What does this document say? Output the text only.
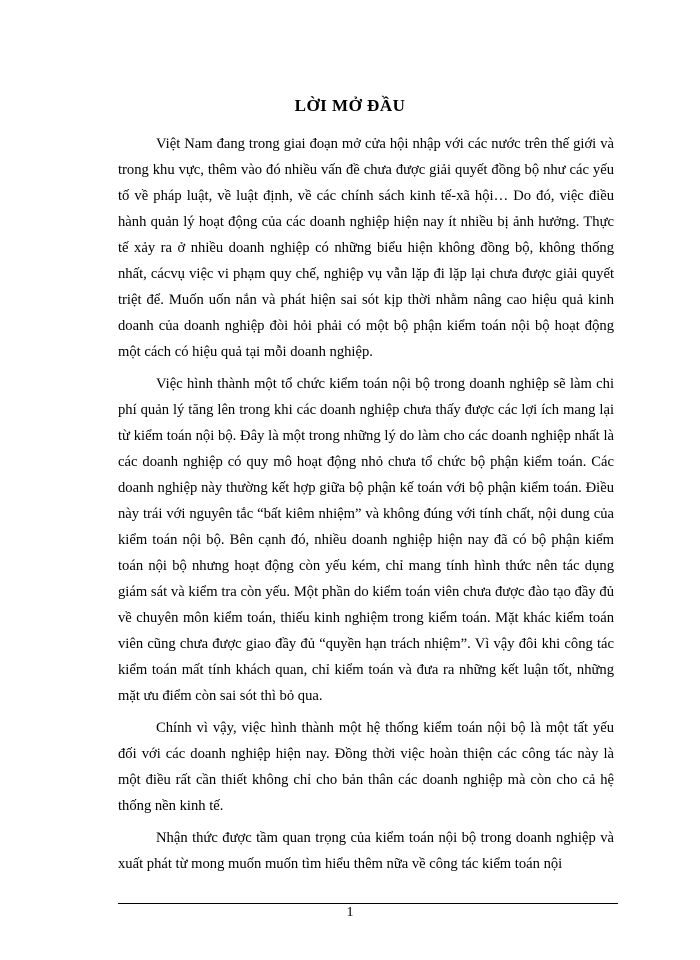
LỜI MỞ ĐẦU

Việt Nam đang trong giai đoạn mở cửa hội nhập với các nước trên thế giới và trong khu vực, thêm vào đó nhiều vấn đề chưa được giải quyết đồng bộ như các yếu tố về pháp luật, về luật định, về các chính sách kinh tế-xã hội… Do đó, việc điều hành quản lý hoạt động của các doanh nghiệp hiện nay ít nhiều bị ảnh hưởng. Thực tế xảy ra ở nhiều doanh nghiệp có những biểu hiện không đồng bộ, không thống nhất, cácvụ việc vi phạm quy chế, nghiệp vụ vẫn lặp đi lặp lại chưa được giải quyết triệt để. Muốn uốn nắn và phát hiện sai sót kịp thời nhằm nâng cao hiệu quả kinh doanh của doanh nghiệp đòi hỏi phải có một bộ phận kiểm toán nội bộ hoạt động một cách có hiệu quả tại mỗi doanh nghiệp.

Việc hình thành một tổ chức kiểm toán nội bộ trong doanh nghiệp sẽ làm chi phí quản lý tăng lên trong khi các doanh nghiệp chưa thấy được các lợi ích mang lại từ kiểm toán nội bộ. Đây là một trong những lý do làm cho các doanh nghiệp nhất là các doanh nghiệp có quy mô hoạt động nhỏ chưa tổ chức bộ phận kiểm toán. Các doanh nghiệp này thường kết hợp giữa bộ phận kế toán với bộ phận kiểm toán. Điều này trái với nguyên tắc “bất kiêm nhiệm” và không đúng với tính chất, nội dung của kiểm toán nội bộ. Bên cạnh đó, nhiều doanh nghiệp hiện nay đã có bộ phận kiểm toán nội bộ nhưng hoạt động còn yếu kém, chỉ mang tính hình thức nên tác dụng giám sát và kiểm tra còn yếu. Một phần do kiểm toán viên chưa được đào tạo đầy đủ về chuyên môn kiểm toán, thiếu kinh nghiệm trong kiểm toán. Mặt khác kiểm toán viên cũng chưa được giao đầy đủ “quyền hạn trách nhiệm”. Vì vậy đôi khi công tác kiểm toán mất tính khách quan, chỉ kiểm toán và đưa ra những kết luận tốt, những mặt ưu điểm còn sai sót thì bỏ qua.

Chính vì vậy, việc hình thành một hệ thống kiểm toán nội bộ là một tất yếu đối với các doanh nghiệp hiện nay. Đồng thời việc hoàn thiện các công tác này là một điều rất cần thiết không chỉ cho bản thân các doanh nghiệp mà còn cho cả hệ thống nền kinh tế.

Nhận thức được tầm quan trọng của kiểm toán nội bộ trong doanh nghiệp và xuất phát từ mong muốn muốn tìm hiểu thêm nữa về công tác kiểm toán nội

1
